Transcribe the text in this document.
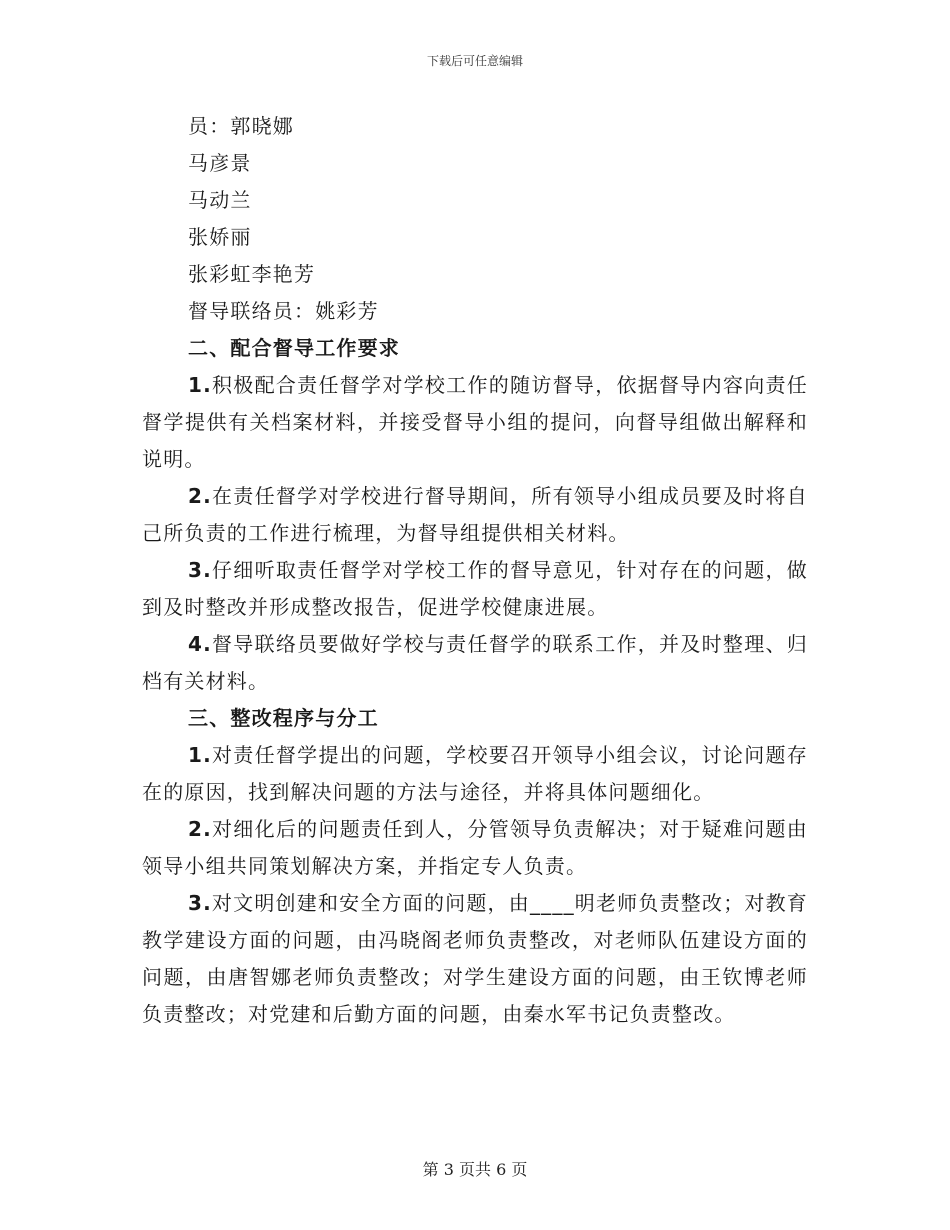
下载后可任意编辑

员：郭晓娜

马彦景

马动兰

张娇丽

张彩虹李艳芳

督导联络员：姚彩芳

二、配合督导工作要求

1.积极配合责任督学对学校工作的随访督导，依据督导内容向责任督学提供有关档案材料，并接受督导小组的提问，向督导组做出解释和说明。

2.在责任督学对学校进行督导期间，所有领导小组成员要及时将自己所负责的工作进行梳理，为督导组提供相关材料。

3.仔细听取责任督学对学校工作的督导意见，针对存在的问题，做到及时整改并形成整改报告，促进学校健康进展。

4.督导联络员要做好学校与责任督学的联系工作，并及时整理、归档有关材料。

三、整改程序与分工

1.对责任督学提出的问题，学校要召开领导小组会议，讨论问题存在的原因，找到解决问题的方法与途径，并将具体问题细化。

2.对细化后的问题责任到人，分管领导负责解决；对于疑难问题由领导小组共同策划解决方案，并指定专人负责。

3.对文明创建和安全方面的问题，由____明老师负责整改；对教育教学建设方面的问题，由冯晓阁老师负责整改，对老师队伍建设方面的问题，由唐智娜老师负责整改；对学生建设方面的问题，由王钦博老师负责整改；对党建和后勤方面的问题，由秦水军书记负责整改。

第 3 页共 6 页
